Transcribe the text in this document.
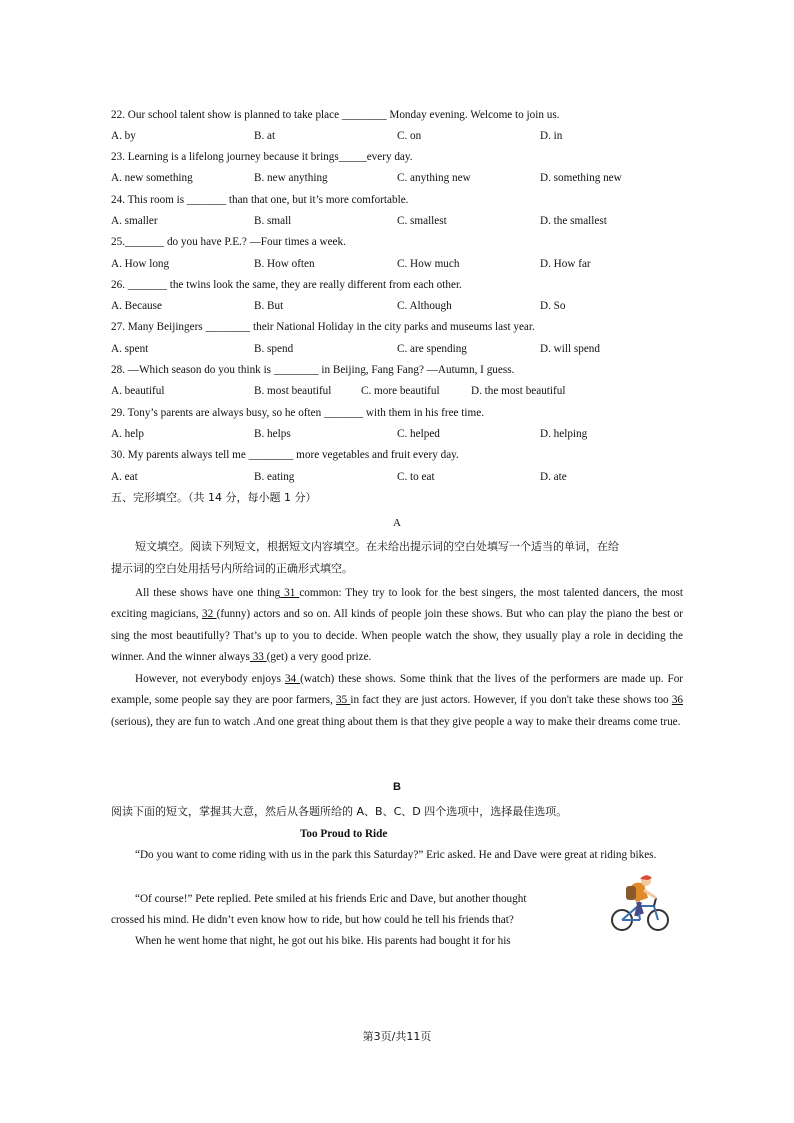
22. Our school talent show is planned to take place ________ Monday evening. Welcome to join us.
A. by	B. at	C. on	D. in
23. Learning is a lifelong journey because it brings_____every day.
A. new something	B. new anything	C. anything new	D. something new
24. This room is _______ than that one, but it’s more comfortable.
A. smaller	B. small	C. smallest	D. the smallest
25._______ do you have P.E.? —Four times a week.
A. How long	B. How often	C. How much	D. How far
26. _______ the twins look the same, they are really different from each other.
A. Because	B. But	C. Although	D. So
27. Many Beijingers ________ their National Holiday in the city parks and museums last year.
A. spent	B. spend	C. are spending	D. will spend
28. —Which season do you think is ________ in Beijing, Fang Fang? —Autumn, I guess.
A. beautiful	B. most beautiful	C. more beautiful	D. the most beautiful
29. Tony’s parents are always busy, so he often _______ with them in his free time.
A. help	B. helps	C. helped	D. helping
30. My parents always tell me ________ more vegetables and fruit every day.
A. eat	B. eating	C. to eat	D. ate
五、完形填空。（共 14 分，每小题 1 分）
A
短文填空。阅读下列短文，根据短文内容填空。在未给出提示词的空白处填写一个适当的单词，在给
提示词的空白处用括号内所给词的正确形式填空。

All these shows have one thing 31 common: They try to look for the best singers, the most talented dancers, the most exciting magicians, 32 (funny) actors and so on. All kinds of people join these shows. But who can play the piano the best or sing the most beautifully? That’s up to you to decide. When people watch the show, they usually play a role in deciding the winner. And the winner always 33 (get) a very good prize.

However, not everybody enjoys 34 (watch) these shows. Some think that the lives of the performers are made up. For example, some people say they are poor farmers, 35 in fact they are just actors. However, if you don't take these shows too 36 (serious), they are fun to watch .And one great thing about them is that they give people a way to make their dreams come true.

B
阅读下面的短文，掌握其大意，然后从各题所给的 A、B、C、D 四个选项中，选择最佳选项。
Too Proud to Ride

“Do you want to come riding with us in the park this Saturday?” Eric asked. He and Dave were great at riding bikes.

“Of course!” Pete replied. Pete smiled at his friends Eric and Dave, but another thought
crossed his mind. He didn’t even know how to ride, but how could he tell his friends that?
When he went home that night, he got out his bike. His parents had bought it for his
第3页/共11页
